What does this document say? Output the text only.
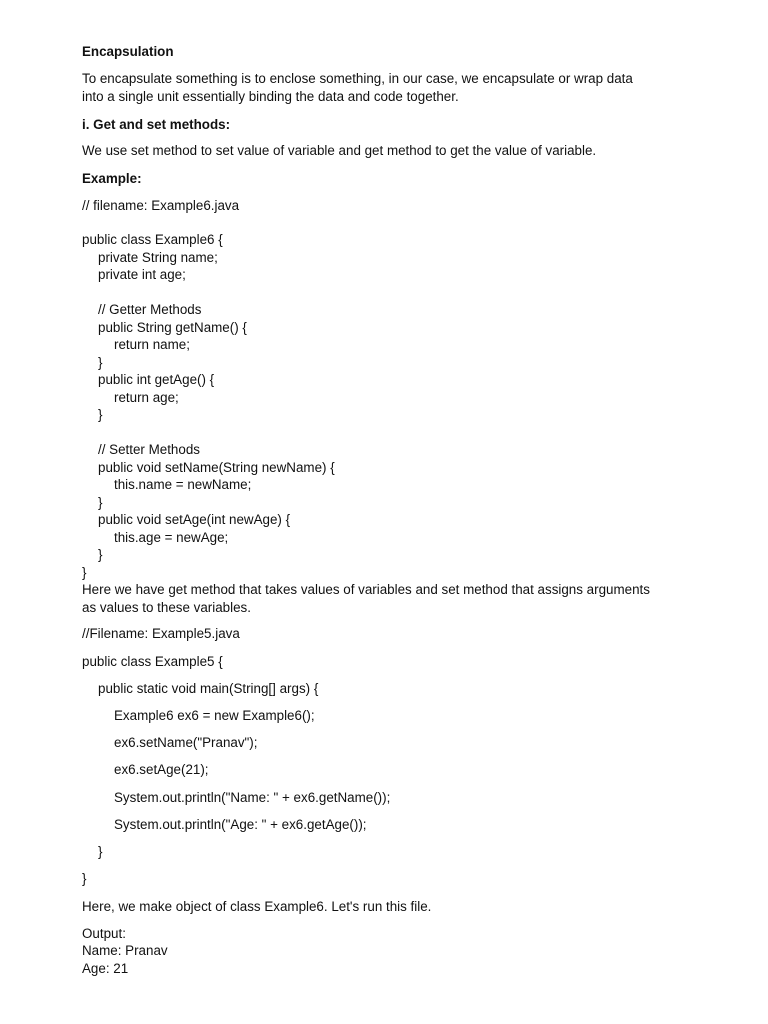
Encapsulation
To encapsulate something is to enclose something, in our case, we encapsulate or wrap data
into a single unit essentially binding the data and code together.
i. Get and set methods:
We use set method to set value of variable and get method to get the value of variable.
Example:
// filename: Example6.java
public class Example6 {
private String name;
private int age;
// Getter Methods
public String getName() {
return name;
}
public int getAge() {
return age;
}
// Setter Methods
public void setName(String newName) {
this.name = newName;
}
public void setAge(int newAge) {
this.age = newAge;
}
}
Here we have get method that takes values of variables and set method that assigns arguments
as values to these variables.
//Filename: Example5.java
public class Example5 {
public static void main(String[] args) {
Example6 ex6 = new Example6();
ex6.setName("Pranav");
ex6.setAge(21);
System.out.println("Name: " + ex6.getName());
System.out.println("Age: " + ex6.getAge());
}
}
Here, we make object of class Example6. Let's run this file.
Output:
Name: Pranav
Age: 21
